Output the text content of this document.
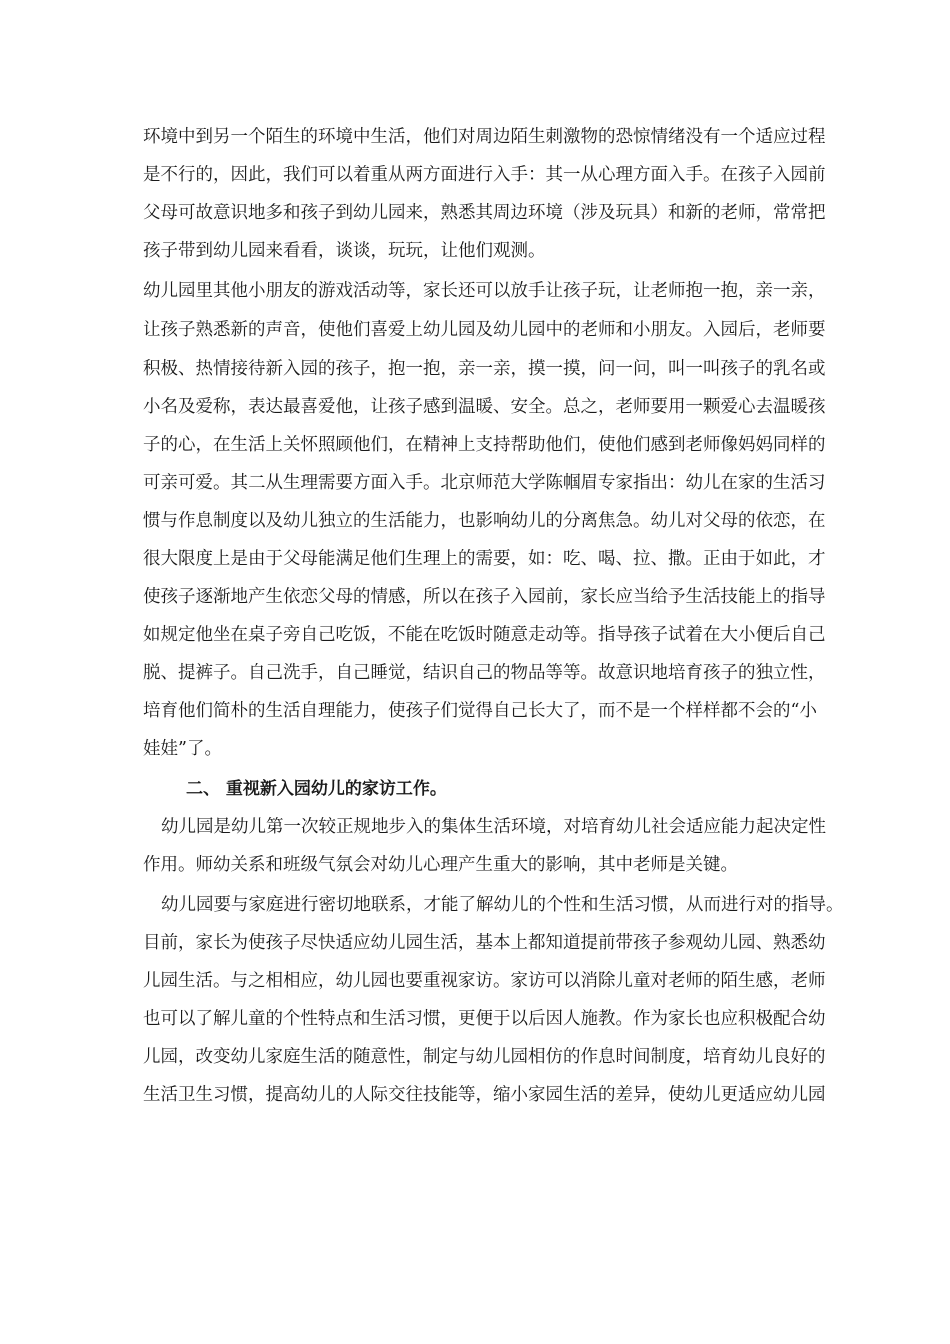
环境中到另一个陌生的环境中生活，他们对周边陌生刺激物的恐惊情绪没有一个适应过程
是不行的，因此，我们可以着重从两方面进行入手：其一从心理方面入手。在孩子入园前
父母可故意识地多和孩子到幼儿园来，熟悉其周边环境（涉及玩具）和新的老师，常常把
孩子带到幼儿园来看看，谈谈，玩玩，让他们观测。
幼儿园里其他小朋友的游戏活动等，家长还可以放手让孩子玩，让老师抱一抱，亲一亲，
让孩子熟悉新的声音，使他们喜爱上幼儿园及幼儿园中的老师和小朋友。入园后，老师要
积极、热情接待新入园的孩子，抱一抱，亲一亲，摸一摸，问一问，叫一叫孩子的乳名或
小名及爱称，表达最喜爱他，让孩子感到温暖、安全。总之，老师要用一颗爱心去温暖孩
子的心，在生活上关怀照顾他们，在精神上支持帮助他们，使他们感到老师像妈妈同样的
可亲可爱。其二从生理需要方面入手。北京师范大学陈帼眉专家指出：幼儿在家的生活习
惯与作息制度以及幼儿独立的生活能力，也影响幼儿的分离焦急。幼儿对父母的依恋，在
很大限度上是由于父母能满足他们生理上的需要，如：吃、喝、拉、撒。正由于如此，才
使孩子逐渐地产生依恋父母的情感，所以在孩子入园前，家长应当给予生活技能上的指导
如规定他坐在桌子旁自己吃饭，不能在吃饭时随意走动等。指导孩子试着在大小便后自己
脱、提裤子。自己洗手，自己睡觉，结识自己的物品等等。故意识地培育孩子的独立性，
培育他们简朴的生活自理能力，使孩子们觉得自己长大了，而不是一个样样都不会的“小
娃娃”了。
二、 重视新入园幼儿的家访工作。
幼儿园是幼儿第一次较正规地步入的集体生活环境，对培育幼儿社会适应能力起决定性
作用。师幼关系和班级气氛会对幼儿心理产生重大的影响，其中老师是关键。
幼儿园要与家庭进行密切地联系，才能了解幼儿的个性和生活习惯，从而进行对的指导。
目前，家长为使孩子尽快适应幼儿园生活，基本上都知道提前带孩子参观幼儿园、熟悉幼
儿园生活。与之相相应，幼儿园也要重视家访。家访可以消除儿童对老师的陌生感，老师
也可以了解儿童的个性特点和生活习惯，更便于以后因人施教。作为家长也应积极配合幼
儿园，改变幼儿家庭生活的随意性，制定与幼儿园相仿的作息时间制度，培育幼儿良好的
生活卫生习惯，提高幼儿的人际交往技能等，缩小家园生活的差异，使幼儿更适应幼儿园
